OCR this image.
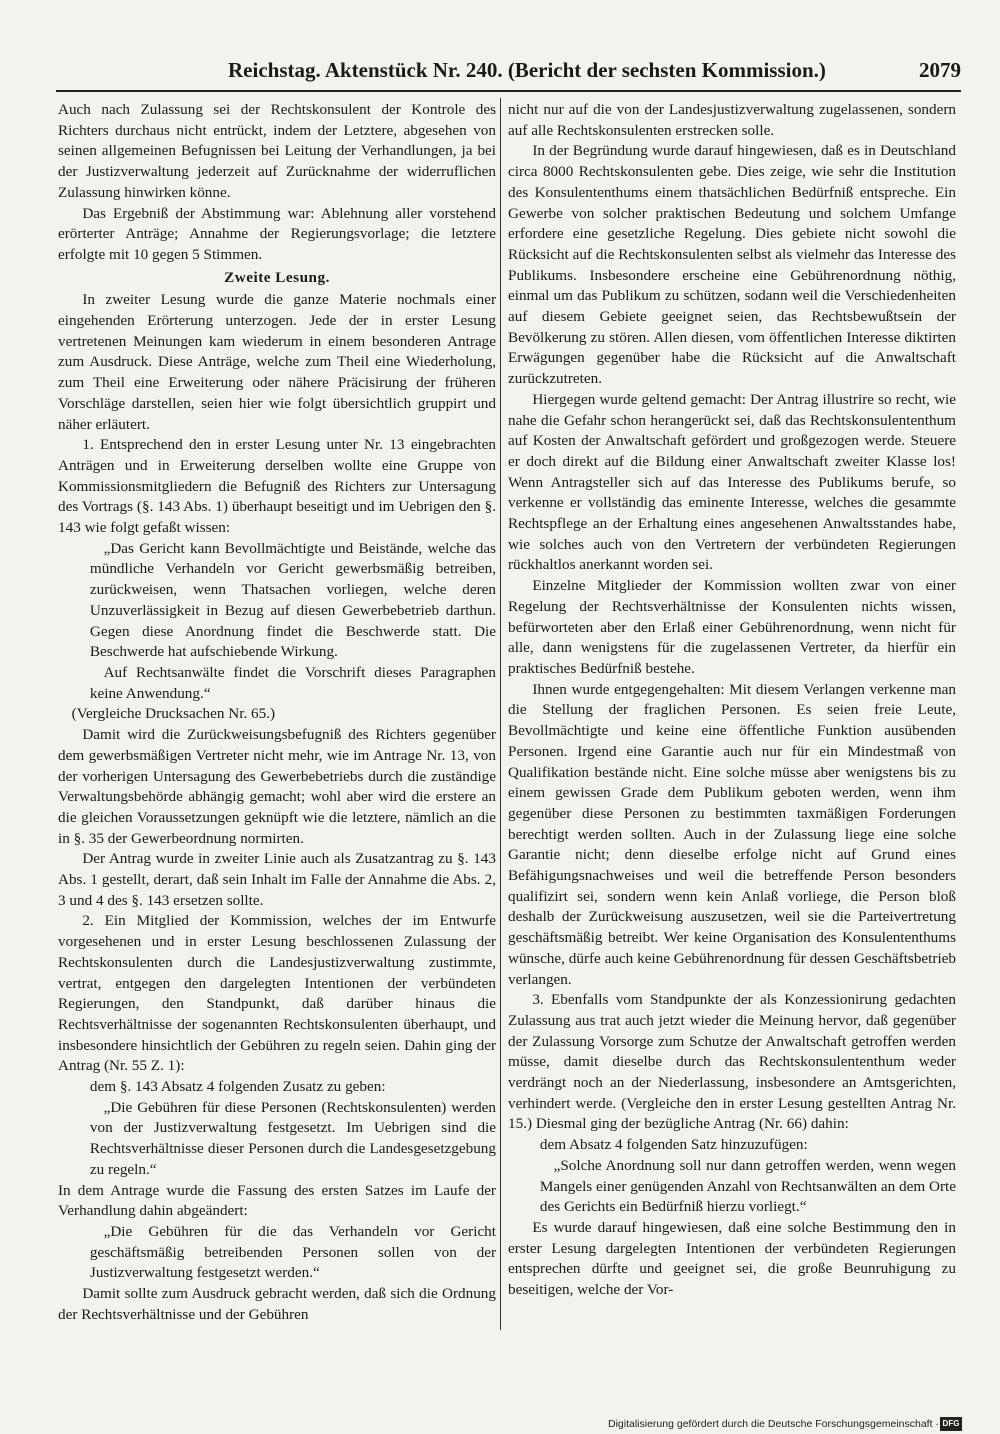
Reichstag. Aktenstück Nr. 240. (Bericht der sechsten Kommission.)	2079

Auch nach Zulassung sei der Rechtskonsulent der Kontrole des Richters durchaus nicht entrückt, indem der Letztere, abgesehen von seinen allgemeinen Befugnissen bei Leitung der Verhandlungen, ja bei der Justizverwaltung jederzeit auf Zurücknahme der widerruflichen Zulassung hinwirken könne.

Das Ergebniß der Abstimmung war: Ablehnung aller vorstehend erörterter Anträge; Annahme der Regierungsvorlage; die letztere erfolgte mit 10 gegen 5 Stimmen.

Zweite Lesung.

In zweiter Lesung wurde die ganze Materie nochmals einer eingehenden Erörterung unterzogen. Jede der in erster Lesung vertretenen Meinungen kam wiederum in einem besonderen Antrage zum Ausdruck. Diese Anträge, welche zum Theil eine Wiederholung, zum Theil eine Erweiterung oder nähere Präcisirung der früheren Vorschläge darstellen, seien hier wie folgt übersichtlich gruppirt und näher erläutert.

1. Entsprechend den in erster Lesung unter Nr. 13 eingebrachten Anträgen und in Erweiterung derselben wollte eine Gruppe von Kommissionsmitgliedern die Befugniß des Richters zur Untersagung des Vortrags (§. 143 Abs. 1) überhaupt beseitigt und im Uebrigen den §. 143 wie folgt gefaßt wissen:

„Das Gericht kann Bevollmächtigte und Beistände, welche das mündliche Verhandeln vor Gericht gewerbsmäßig betreiben, zurückweisen, wenn Thatsachen vorliegen, welche deren Unzuverlässigkeit in Bezug auf diesen Gewerbebetrieb darthun. Gegen diese Anordnung findet die Beschwerde statt. Die Beschwerde hat aufschiebende Wirkung.

Auf Rechtsanwälte findet die Vorschrift dieses Paragraphen keine Anwendung.“

(Vergleiche Drucksachen Nr. 65.)

Damit wird die Zurückweisungsbefugniß des Richters gegenüber dem gewerbsmäßigen Vertreter nicht mehr, wie im Antrage Nr. 13, von der vorherigen Untersagung des Gewerbebetriebs durch die zuständige Verwaltungsbehörde abhängig gemacht; wohl aber wird die erstere an die gleichen Voraussetzungen geknüpft wie die letztere, nämlich an die in §. 35 der Gewerbeordnung normirten.

Der Antrag wurde in zweiter Linie auch als Zusatzantrag zu §. 143 Abs. 1 gestellt, derart, daß sein Inhalt im Falle der Annahme die Abs. 2, 3 und 4 des §. 143 ersetzen sollte.

2. Ein Mitglied der Kommission, welches der im Entwurfe vorgesehenen und in erster Lesung beschlossenen Zulassung der Rechtskonsulenten durch die Landesjustizverwaltung zustimmte, vertrat, entgegen den dargelegten Intentionen der verbündeten Regierungen, den Standpunkt, daß darüber hinaus die Rechtsverhältnisse der sogenannten Rechtskonsulenten überhaupt, und insbesondere hinsichtlich der Gebühren zu regeln seien. Dahin ging der Antrag (Nr. 55 Z. 1):

dem §. 143 Absatz 4 folgenden Zusatz zu geben:

„Die Gebühren für diese Personen (Rechtskonsulenten) werden von der Justizverwaltung festgesetzt. Im Uebrigen sind die Rechtsverhältnisse dieser Personen durch die Landesgesetzgebung zu regeln.“

In dem Antrage wurde die Fassung des ersten Satzes im Laufe der Verhandlung dahin abgeändert:

„Die Gebühren für die das Verhandeln vor Gericht geschäftsmäßig betreibenden Personen sollen von der Justizverwaltung festgesetzt werden.“

Damit sollte zum Ausdruck gebracht werden, daß sich die Ordnung der Rechtsverhältnisse und der Gebühren

nicht nur auf die von der Landesjustizverwaltung zugelassenen, sondern auf alle Rechtskonsulenten erstrecken solle.

In der Begründung wurde darauf hingewiesen, daß es in Deutschland circa 8000 Rechtskonsulenten gebe. Dies zeige, wie sehr die Institution des Konsulententhums einem thatsächlichen Bedürfniß entspreche. Ein Gewerbe von solcher praktischen Bedeutung und solchem Umfange erfordere eine gesetzliche Regelung. Dies gebiete nicht sowohl die Rücksicht auf die Rechtskonsulenten selbst als vielmehr das Interesse des Publikums. Insbesondere erscheine eine Gebührenordnung nöthig, einmal um das Publikum zu schützen, sodann weil die Verschiedenheiten auf diesem Gebiete geeignet seien, das Rechtsbewußtsein der Bevölkerung zu stören. Allen diesen, vom öffentlichen Interesse diktirten Erwägungen gegenüber habe die Rücksicht auf die Anwaltschaft zurückzutreten.

Hiergegen wurde geltend gemacht: Der Antrag illustrire so recht, wie nahe die Gefahr schon herangerückt sei, daß das Rechtskonsulententhum auf Kosten der Anwaltschaft gefördert und großgezogen werde. Steuere er doch direkt auf die Bildung einer Anwaltschaft zweiter Klasse los! Wenn Antragsteller sich auf das Interesse des Publikums berufe, so verkenne er vollständig das eminente Interesse, welches die gesammte Rechtspflege an der Erhaltung eines angesehenen Anwaltsstandes habe, wie solches auch von den Vertretern der verbündeten Regierungen rückhaltlos anerkannt worden sei.

Einzelne Mitglieder der Kommission wollten zwar von einer Regelung der Rechtsverhältnisse der Konsulenten nichts wissen, befürworteten aber den Erlaß einer Gebührenordnung, wenn nicht für alle, dann wenigstens für die zugelassenen Vertreter, da hierfür ein praktisches Bedürfniß bestehe.

Ihnen wurde entgegengehalten: Mit diesem Verlangen verkenne man die Stellung der fraglichen Personen. Es seien freie Leute, Bevollmächtigte und keine eine öffentliche Funktion ausübenden Personen. Irgend eine Garantie auch nur für ein Mindestmaß von Qualifikation bestände nicht. Eine solche müsse aber wenigstens bis zu einem gewissen Grade dem Publikum geboten werden, wenn ihm gegenüber diese Personen zu bestimmten taxmäßigen Forderungen berechtigt werden sollten. Auch in der Zulassung liege eine solche Garantie nicht; denn dieselbe erfolge nicht auf Grund eines Befähigungsnachweises und weil die betreffende Person besonders qualifizirt sei, sondern wenn kein Anlaß vorliege, die Person bloß deshalb der Zurückweisung auszusetzen, weil sie die Parteivertretung geschäftsmäßig betreibt. Wer keine Organisation des Konsulententhums wünsche, dürfe auch keine Gebührenordnung für dessen Geschäftsbetrieb verlangen.

3. Ebenfalls vom Standpunkte der als Konzessionirung gedachten Zulassung aus trat auch jetzt wieder die Meinung hervor, daß gegenüber der Zulassung Vorsorge zum Schutze der Anwaltschaft getroffen werden müsse, damit dieselbe durch das Rechtskonsulententhum weder verdrängt noch an der Niederlassung, insbesondere an Amtsgerichten, verhindert werde. (Vergleiche den in erster Lesung gestellten Antrag Nr. 15.) Diesmal ging der bezügliche Antrag (Nr. 66) dahin:

dem Absatz 4 folgenden Satz hinzuzufügen:

„Solche Anordnung soll nur dann getroffen werden, wenn wegen Mangels einer genügenden Anzahl von Rechtsanwälten an dem Orte des Gerichts ein Bedürfniß hierzu vorliegt.“

Es wurde darauf hingewiesen, daß eine solche Bestimmung den in erster Lesung dargelegten Intentionen der verbündeten Regierungen entsprechen dürfte und geeignet sei, die große Beunruhigung zu beseitigen, welche der Vor-

Digitalisierung gefördert durch die Deutsche Forschungsgemeinschaft · DFG
